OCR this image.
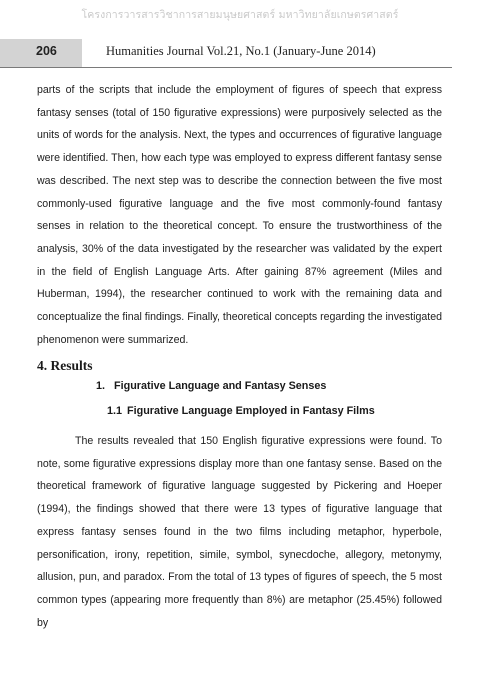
โครงการวารสารวิชาการสายมนุษยศาสตร์ มหาวิทยาลัยเกษตรศาสตร์
206	Humanities Journal Vol.21, No.1 (January-June 2014)

parts of the scripts that include the employment of figures of speech that express fantasy senses (total of 150 figurative expressions) were purposively selected as the units of words for the analysis. Next, the types and occurrences of figurative language were identified. Then, how each type was employed to express different fantasy sense was described. The next step was to describe the connection between the five most commonly-used figurative language and the five most commonly-found fantasy senses in relation to the theoretical concept. To ensure the trustworthiness of the analysis, 30% of the data investigated by the researcher was validated by the expert in the field of English Language Arts. After gaining 87% agreement (Miles and Huberman, 1994), the researcher continued to work with the remaining data and conceptualize the final findings. Finally, theoretical concepts regarding the investigated phenomenon were summarized.

4. Results
1. Figurative Language and Fantasy Senses
1.1 Figurative Language Employed in Fantasy Films

The results revealed that 150 English figurative expressions were found. To note, some figurative expressions display more than one fantasy sense. Based on the theoretical framework of figurative language suggested by Pickering and Hoeper (1994), the findings showed that there were 13 types of figurative language that express fantasy senses found in the two films including metaphor, hyperbole, personification, irony, repetition, simile, symbol, synecdoche, allegory, metonymy, allusion, pun, and paradox. From the total of 13 types of figures of speech, the 5 most common types (appearing more frequently than 8%) are metaphor (25.45%) followed by
